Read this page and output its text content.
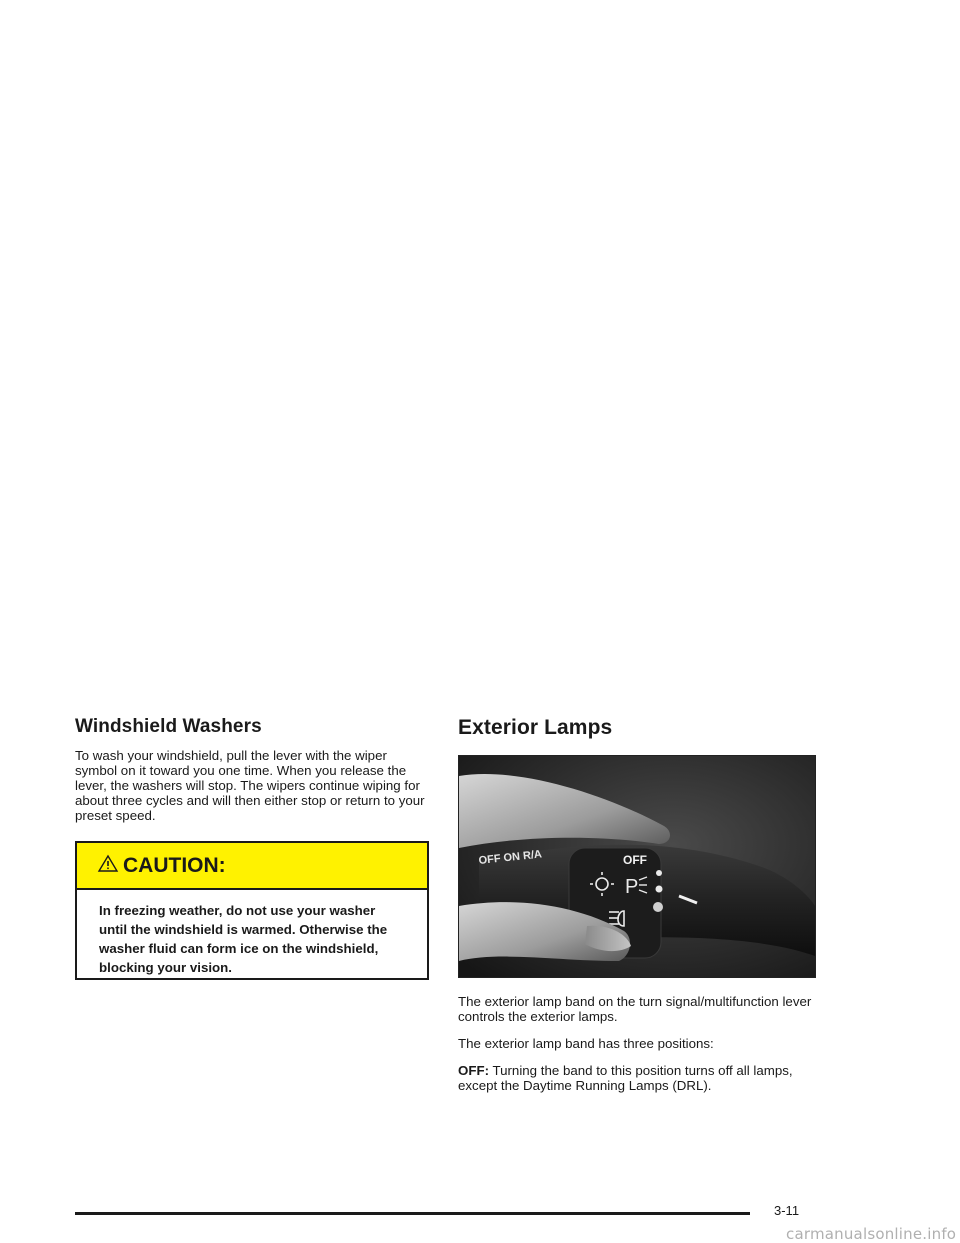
Windshield Washers

To wash your windshield, pull the lever with the wiper symbol on it toward you one time. When you release the lever, the washers will stop. The wipers continue wiping for about three cycles and will then either stop or return to your preset speed.

CAUTION:

In freezing weather, do not use your washer until the windshield is warmed. Otherwise the washer fluid can form ice on the windshield, blocking your vision.

Exterior Lamps
OFF ON R/A	OFF
P

The exterior lamp band on the turn signal/multifunction lever controls the exterior lamps.

The exterior lamp band has three positions:

OFF: Turning the band to this position turns off all lamps, except the Daytime Running Lamps (DRL).

3-11
carmanualsonline.info
